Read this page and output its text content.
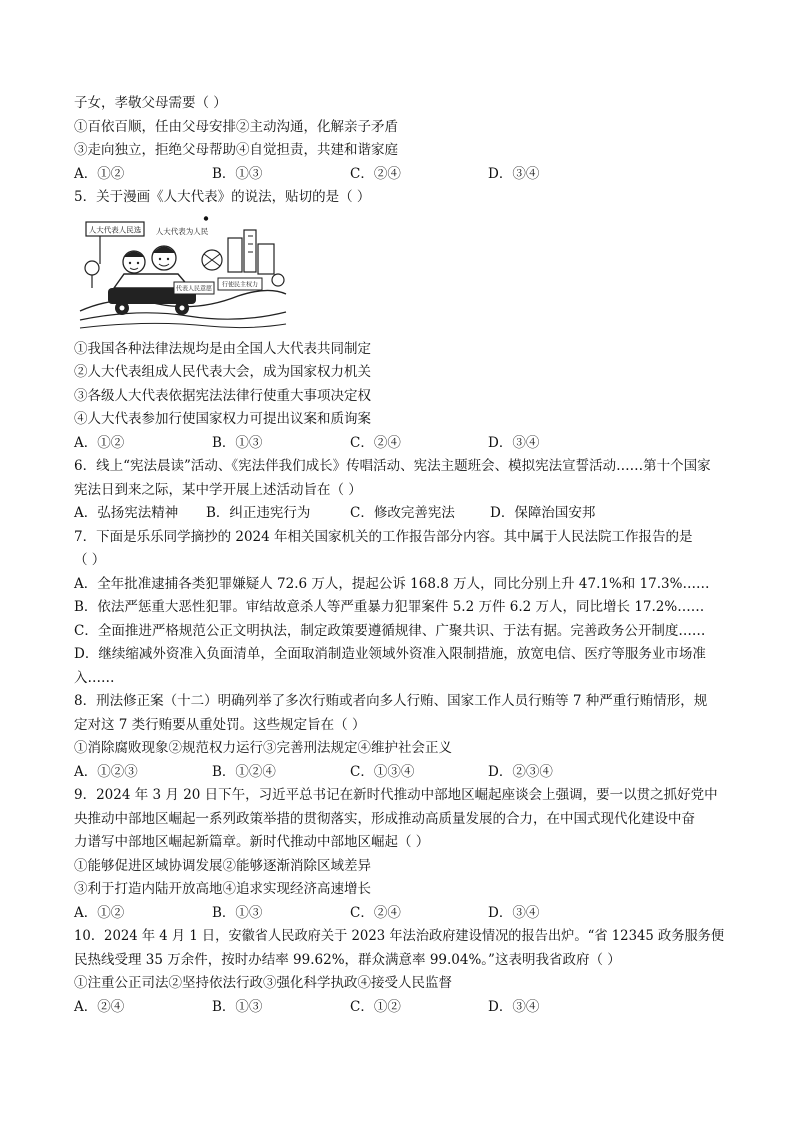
子女，孝敬父母需要（ ）
①百依百顺，任由父母安排②主动沟通，化解亲子矛盾
③走向独立，拒绝父母帮助④自觉担责，共建和谐家庭
A．①②	B．①③	C．②④	D．③④
5．关于漫画《人大代表》的说法，贴切的是（ ）
人大代表人民选 人大代表为人民
代表人民意愿
行使民主权力
①我国各种法律法规均是由全国人大代表共同制定
②人大代表组成人民代表大会，成为国家权力机关
③各级人大代表依据宪法法律行使重大事项决定权
④人大代表参加行使国家权力可提出议案和质询案
A．①②	B．①③	C．②④	D．③④
6．线上“宪法晨读”活动、《宪法伴我们成长》传唱活动、宪法主题班会、模拟宪法宣誓活动……第十个国家
宪法日到来之际，某中学开展上述活动旨在（ ）
A．弘扬宪法精神	B．纠正违宪行为	C．修改完善宪法	D．保障治国安邦
7．下面是乐乐同学摘抄的 2024 年相关国家机关的工作报告部分内容。其中属于人民法院工作报告的是
（ ）
A．全年批准逮捕各类犯罪嫌疑人 72.6 万人，提起公诉 168.8 万人，同比分别上升 47.1%和 17.3%……
B．依法严惩重大恶性犯罪。审结故意杀人等严重暴力犯罪案件 5.2 万件 6.2 万人，同比增长 17.2%……
C．全面推进严格规范公正文明执法，制定政策要遵循规律、广聚共识、于法有据。完善政务公开制度……
D．继续缩减外资准入负面清单，全面取消制造业领域外资准入限制措施，放宽电信、医疗等服务业市场准
入……
8．刑法修正案（十二）明确列举了多次行贿或者向多人行贿、国家工作人员行贿等 7 种严重行贿情形，规
定对这 7 类行贿要从重处罚。这些规定旨在（ ）
①消除腐败现象②规范权力运行③完善刑法规定④维护社会正义
A．①②③	B．①②④	C．①③④	D．②③④
9．2024 年 3 月 20 日下午，习近平总书记在新时代推动中部地区崛起座谈会上强调，要一以贯之抓好党中
央推动中部地区崛起一系列政策举措的贯彻落实，形成推动高质量发展的合力，在中国式现代化建设中奋
力谱写中部地区崛起新篇章。新时代推动中部地区崛起（ ）
①能够促进区域协调发展②能够逐渐消除区域差异
③利于打造内陆开放高地④追求实现经济高速增长
A．①②	B．①③	C．②④	D．③④
10．2024 年 4 月 1 日，安徽省人民政府关于 2023 年法治政府建设情况的报告出炉。“省 12345 政务服务便
民热线受理 35 万余件，按时办结率 99.62%，群众满意率 99.04%。”这表明我省政府（ ）
①注重公正司法②坚持依法行政③强化科学执政④接受人民监督
A．②④	B．①③	C．①②	D．③④
